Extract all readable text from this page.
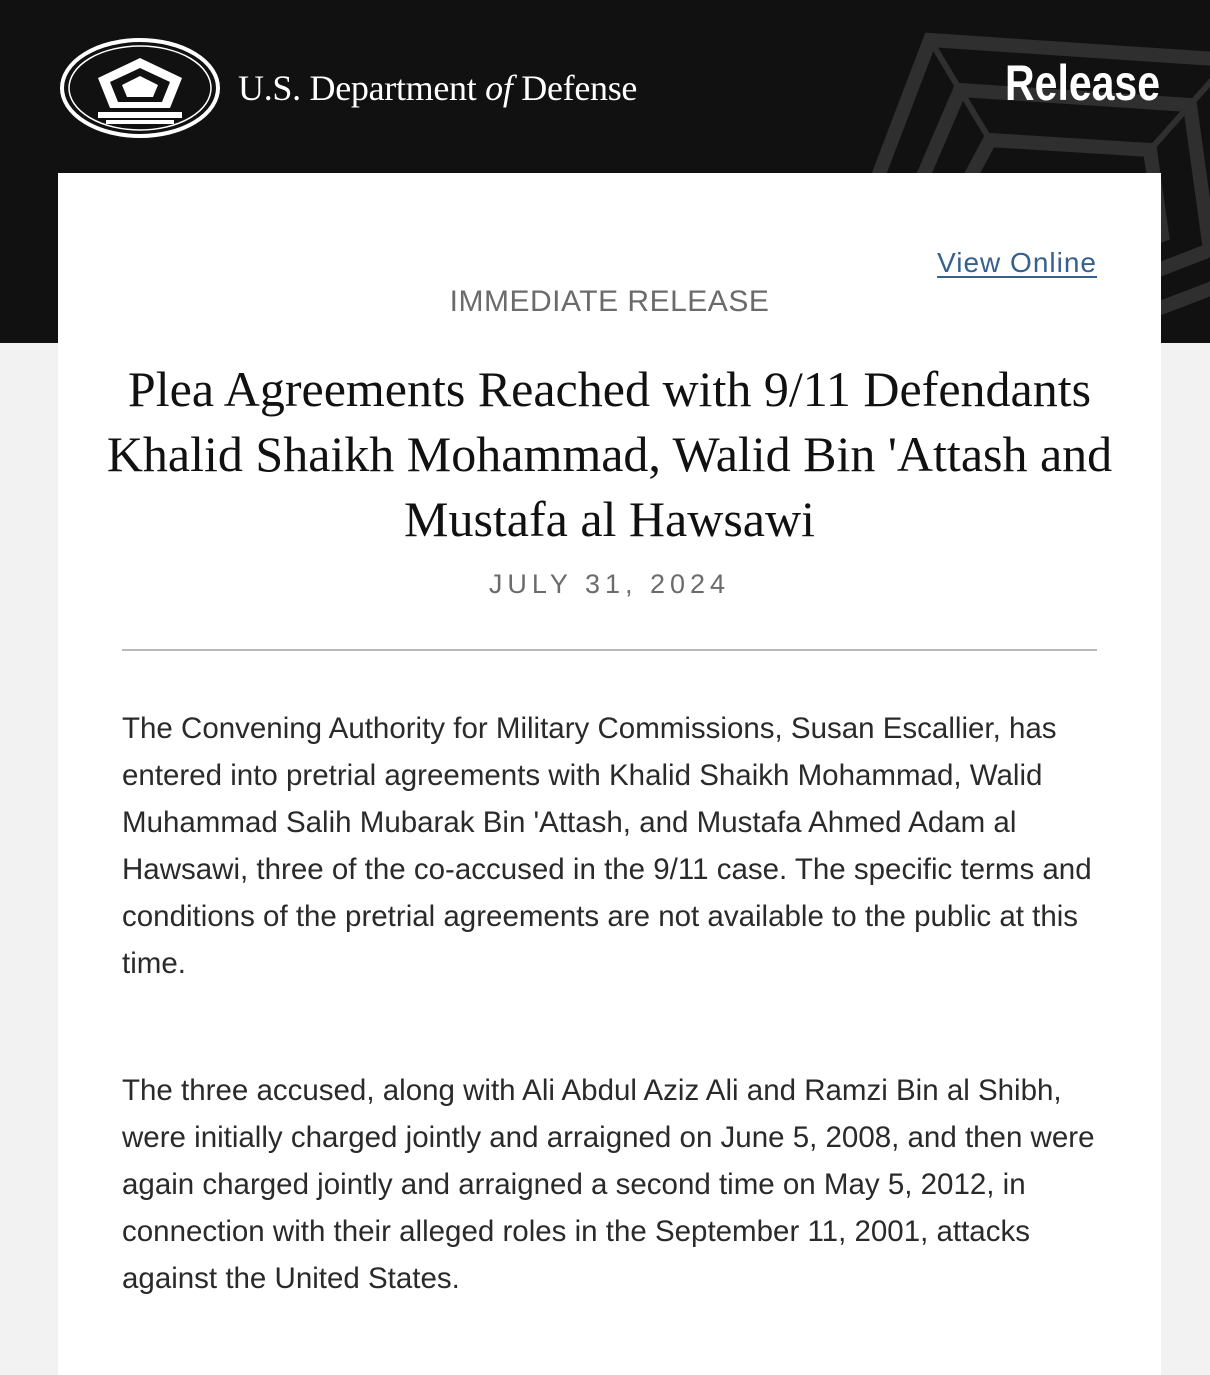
U.S. Department of Defense	Release
View Online
IMMEDIATE RELEASE
Plea Agreements Reached with 9/11 Defendants Khalid Shaikh Mohammad, Walid Bin 'Attash and Mustafa al Hawsawi
JULY 31, 2024

The Convening Authority for Military Commissions, Susan Escallier, has entered into pretrial agreements with Khalid Shaikh Mohammad, Walid Muhammad Salih Mubarak Bin 'Attash, and Mustafa Ahmed Adam al Hawsawi, three of the co-accused in the 9/11 case. The specific terms and conditions of the pretrial agreements are not available to the public at this time.

The three accused, along with Ali Abdul Aziz Ali and Ramzi Bin al Shibh, were initially charged jointly and arraigned on June 5, 2008, and then were again charged jointly and arraigned a second time on May 5, 2012, in connection with their alleged roles in the September 11, 2001, attacks against the United States.
